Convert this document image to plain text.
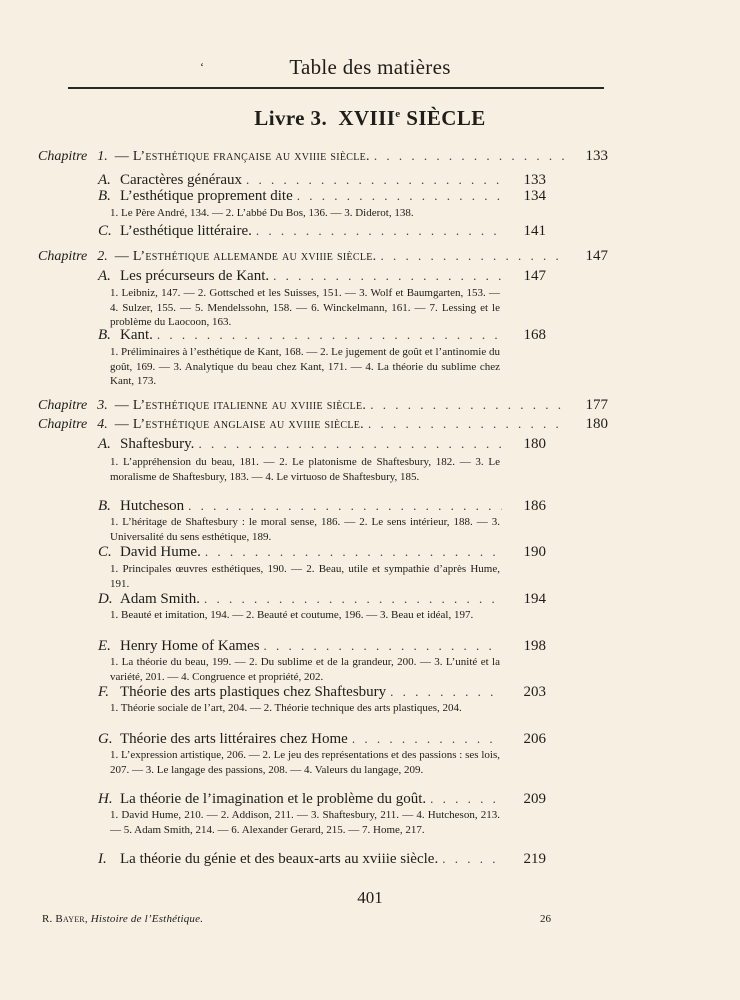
‘	Table des matières
Livre 3. XVIIIe SIÈCLE
Chapitre 1. — L’esthétique française au xviiie siècle. . . .	133
A. Caractères généraux . . .	133
B. L’esthétique proprement dite . . .	134
1. Le Père André, 134. — 2. L’abbé Du Bos, 136. — 3. Diderot, 138.
C. L’esthétique littéraire. . . .	141
Chapitre 2. — L’esthétique allemande au xviiie siècle. . . .	147
A. Les précurseurs de Kant. . . .	147
1. Leibniz, 147. — 2. Gottsched et les Suisses, 151. — 3. Wolf et Baumgarten, 153. — 4. Sulzer, 155. — 5. Mendelssohn, 158. — 6. Winckelmann, 161. — 7. Lessing et le problème du Laocoon, 163.
B. Kant. . . .	168
1. Préliminaires à l’esthétique de Kant, 168. — 2. Le jugement de goût et l’antinomie du goût, 169. — 3. Analytique du beau chez Kant, 171. — 4. La théorie du sublime chez Kant, 173.
Chapitre 3. — L’esthétique italienne au xviiie siècle. . . .	177
Chapitre 4. — L’esthétique anglaise au xviiie siècle. . . .	180
A. Shaftesbury. . . .	180
1. L’appréhension du beau, 181. — 2. Le platonisme de Shaftesbury, 182. — 3. Le moralisme de Shaftesbury, 183. — 4. Le virtuoso de Shaftesbury, 185.
B. Hutcheson . . .	186
1. L’héritage de Shaftesbury : le moral sense, 186. — 2. Le sens intérieur, 188. — 3. Universalité du sens esthétique, 189.
C. David Hume. . . .	190
1. Principales œuvres esthétiques, 190. — 2. Beau, utile et sympathie d’après Hume, 191.
D. Adam Smith. . . .	194
1. Beauté et imitation, 194. — 2. Beauté et coutume, 196. — 3. Beau et idéal, 197.
E. Henry Home of Kames . . .	198
1. La théorie du beau, 199. — 2. Du sublime et de la grandeur, 200. — 3. L’unité et la variété, 201. — 4. Congruence et propriété, 202.
F. Théorie des arts plastiques chez Shaftesbury . . .	203
1. Théorie sociale de l’art, 204. — 2. Théorie technique des arts plastiques, 204.
G. Théorie des arts littéraires chez Home . . .	206
1. L’expression artistique, 206. — 2. Le jeu des représentations et des passions : ses lois, 207. — 3. Le langage des passions, 208. — 4. Valeurs du langage, 209.
H. La théorie de l’imagination et le problème du goût. . . .	209
1. David Hume, 210. — 2. Addison, 211. — 3. Shaftesbury, 211. — 4. Hutcheson, 213. — 5. Adam Smith, 214. — 6. Alexander Gerard, 215. — 7. Home, 217.
I. La théorie du génie et des beaux-arts au xviiie siècle. . . .	219
401
R. Bayer, Histoire de l’Esthétique.	26
